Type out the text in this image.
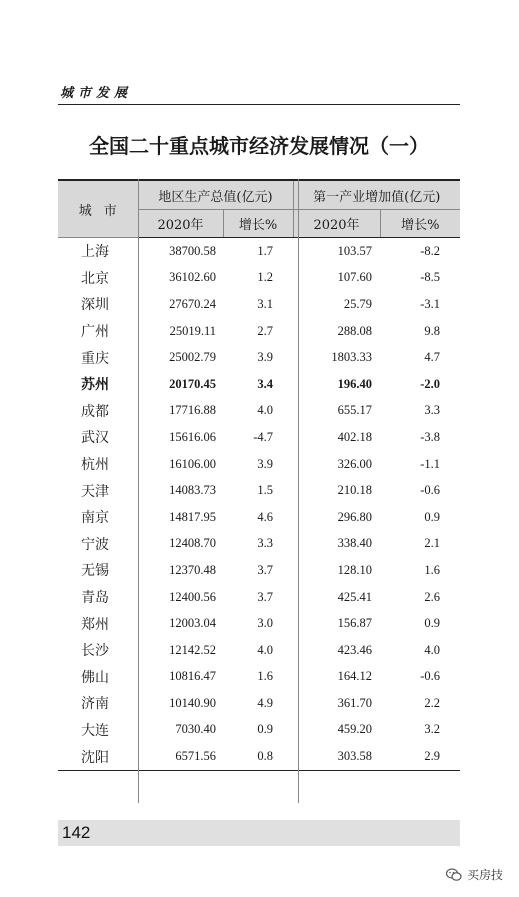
城市发展
全国二十重点城市经济发展情况（一）
城市	地区生产总值(亿元)		第一产业增加值(亿元)	
	2020年	增长%	2020年	增长%
上海	38700.58	1.7	103.57	-8.2
北京	36102.60	1.2	107.60	-8.5
深圳	27670.24	3.1	25.79	-3.1
广州	25019.11	2.7	288.08	9.8
重庆	25002.79	3.9	1803.33	4.7
苏州	20170.45	3.4	196.40	-2.0
成都	17716.88	4.0	655.17	3.3
武汉	15616.06	-4.7	402.18	-3.8
杭州	16106.00	3.9	326.00	-1.1
天津	14083.73	1.5	210.18	-0.6
南京	14817.95	4.6	296.80	0.9
宁波	12408.70	3.3	338.40	2.1
无锡	12370.48	3.7	128.10	1.6
青岛	12400.56	3.7	425.41	2.6
郑州	12003.04	3.0	156.87	0.9
长沙	12142.52	4.0	423.46	4.0
佛山	10816.47	1.6	164.12	-0.6
济南	10140.90	4.9	361.70	2.2
大连	7030.40	0.9	459.20	3.2
沈阳	6571.56	0.8	303.58	2.9
142
买房技
